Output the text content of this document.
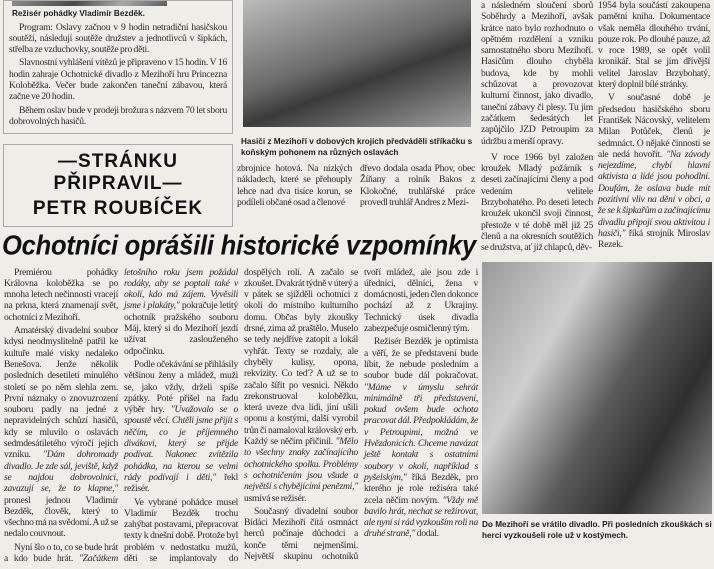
Režisér pohádky Vladimír Bezděk.

Program: Oslavy začnou v 9 hodin netradiční hasičskou soutěží, následují soutěže družstev a jednotlivců v šipkách, střelba ze vzduchovky, soutěže pro děti.

Slavnostní vyhlášení vítězů je připraveno v 15 hodin. V 16 hodin zahraje Ochotnické divadlo z Mezihoří hru Princezna Koloběžka. Večer bude zakončen taneční zábavou, která začne ve 20 hodin.

Během oslav bude v prodeji brožura s názvem 70 let sboru dobrovolných hasičů.

—STRÁNKU PŘIPRAVIL—
PETR ROUBÍČEK
Hasiči z Mezihoří v dobových krojích předváděli stříkačku s koňským pohonem na různých oslavách
zbrojnice hotová. Na nízkých nákladech, které se přehouply lehce nad dva tisíce korun, se podíleli občané osad a členové
dřevo dodala osada Phov, obec Žíňany a rolník Bakos z Klokočné, truhlářské práce provedl truhlář Andres z Mezi-

a následném sloučení sborů Soběhrdy a Mezihoří, avšak krátce nato bylo rozhodnuto o opětném rozdělení a vzniku samostatného sboru Mezihoří. Hasičům dlouho chyběla budova, kde by mohli schůzovat a provozovat kulturní činnost, jako divadlo, taneční zábavy či plesy. Tu jim začátkem šedesátých let zapůjčilo JZD Petroupim za údržbu a menší opravy.

V roce 1966 byl založen kroužek Mladý požárník s deseti začínajícími členy a pod vedením velitele Brzybohatého. Po deseti letech kroužek ukončil svoji činnost, přestože v té době měl již 25 členů a na okresních soutěžích se družstva, ať již chlapců, děv-

1954 byla součástí zakoupena pamětní kniha. Dokumentace však neměla dlouhého trvání, pouze rok. Po dlouhé pauze, až v roce 1989, se opět volil kronikář. Stal se jím dřívější velitel Jaroslav Brzybohatý, který doplnil bílé stránky.

V současné době je předsedou hasičského sboru František Nácovský, velitelem Milan Potůček, členů je sedmnáct. O nějaké činnosti se ale nedá hovořit. "Na závody nejezdíme, chybí hlavní aktivista a lidé jsou pohodlní. Doufám, že oslava bude mít pozitivní vliv na dění v obci, a že se k šipkařům a začínajícímu divadlu připojí svou aktivitou i hasiči," říká strojník Miroslav Rezek.

Ochotníci oprášili historické vzpomínky

Premiérou pohádky Královna koloběžka se po mnoha letech nečinnosti vracejí na prkna, která znamenají svět, ochotníci z Mezihoří.

Amatérský divadelní soubor kdysi neodmyslitelně patřil ke kultuře malé vísky nedaleko Benešova. Jenže několik posledních desetiletí minulého století se po něm slehla zem. První náznaky o znovuzrození souboru padly na jedné z nepravidelných schůzí hasičů, kdy se mluvilo o oslavách sedmdesátiletého výročí jejich vzniku. "Dám dohromady divadlo. Je zde sál, jeviště, když se najdou dobrovolníci, zavazují se, že to klapne," pronesl jednou Vladimír Bezděk, člověk, který to všechno má na svědomí. A už se nedalo couvnout.

Nyní šlo o to, co se bude hrát a kdo bude hrát. "Začátkem letošního roku jsem požádal rodáky, aby se poptali také v okolí, kdo má zájem. Vyvěsili jsme i plakáty," pokračuje letitý ochotník pražského souboru Máj, který si do Mezihoří jezdí užívat zaslouženého odpočinku.

Podle očekávání se přihlásily většinou ženy a mládež, muži se, jako vždy, drželi spíše zpátky. Poté přišel na řadu výběr hry. "Uvažovalo se o spoustě věcí. Chtěli jsme přijít s něčím, co je příjemného divákovi, který se přijde podívat. Nakonec zvítězila pohádka, na kterou se velmi rády podívají i děti," řekl režisér.

Ve vybrané pohádce musel Vladimír Bezděk trochu zahýbat postavami, přepracovat texty k dnešní době. Protože byl problém v nedostatku mužů, děti se implantovaly do dospělých rolí. A začalo se zkoušet. Dvakrát týdně v úterý a v pátek se sjížděli ochotníci z okolí do místního kulturního domu. Občas byly zkoušky drsné, zima až praštělo. Muselo se tedy nejdříve zatopit a lokál vyhřát. Texty se rozdaly, ale chyběly kulisy, opona, rekvizity. Co teď? A už se to začalo šířit po vesnici. Někdo zrekonstruoval koloběžku, která uveze dva lidi, jiní ušili oponu a kostými, další vyrobil trůn či namaloval královský erb. Každý se něčím přičinil. "Mělo to všechny znaky začínajícího ochotnického spolku. Problémy s ochotničením jsou všude a největší s chybějícími penězmi," usmívá se režisér.

Současný divadelní soubor Bídáci Mezihoří čítá osmnáct herců počínaje důchodci a konče těmi nejmenšími. Největší skupinu ochotníků tvoří mládež, ale jsou zde i úředníci, dělníci, žena v domácnosti, jeden člen dokonce pochází až z Ukrajiny. Technický úsek divadla zabezpečuje osmičlenný tým.

Režisér Bezděk je optimista a věří, že se představení bude líbit, že nebude posledním a soubor bude dál pokračovat. "Máme v úmyslu sehrát minimálně tři představení, pokud ovšem bude ochota pracovat dál. Předpokládám, že v Petroupimi, možná ve Hvězdonicích. Chceme navázat ještě kontakt s ostatními soubory v okolí, například s pyšelským," říká Bezděk, pro kterého je role režiséra také zcela něčím novým. "Vždy mě bavilo hrát, nechat se režírovat, ale nyní si rád vyzkouším roli na druhé straně," dodal.

Do Mezihoří se vrátilo divadlo. Při posledních zkouškách si herci vyzkoušeli role už v kostýmech.
